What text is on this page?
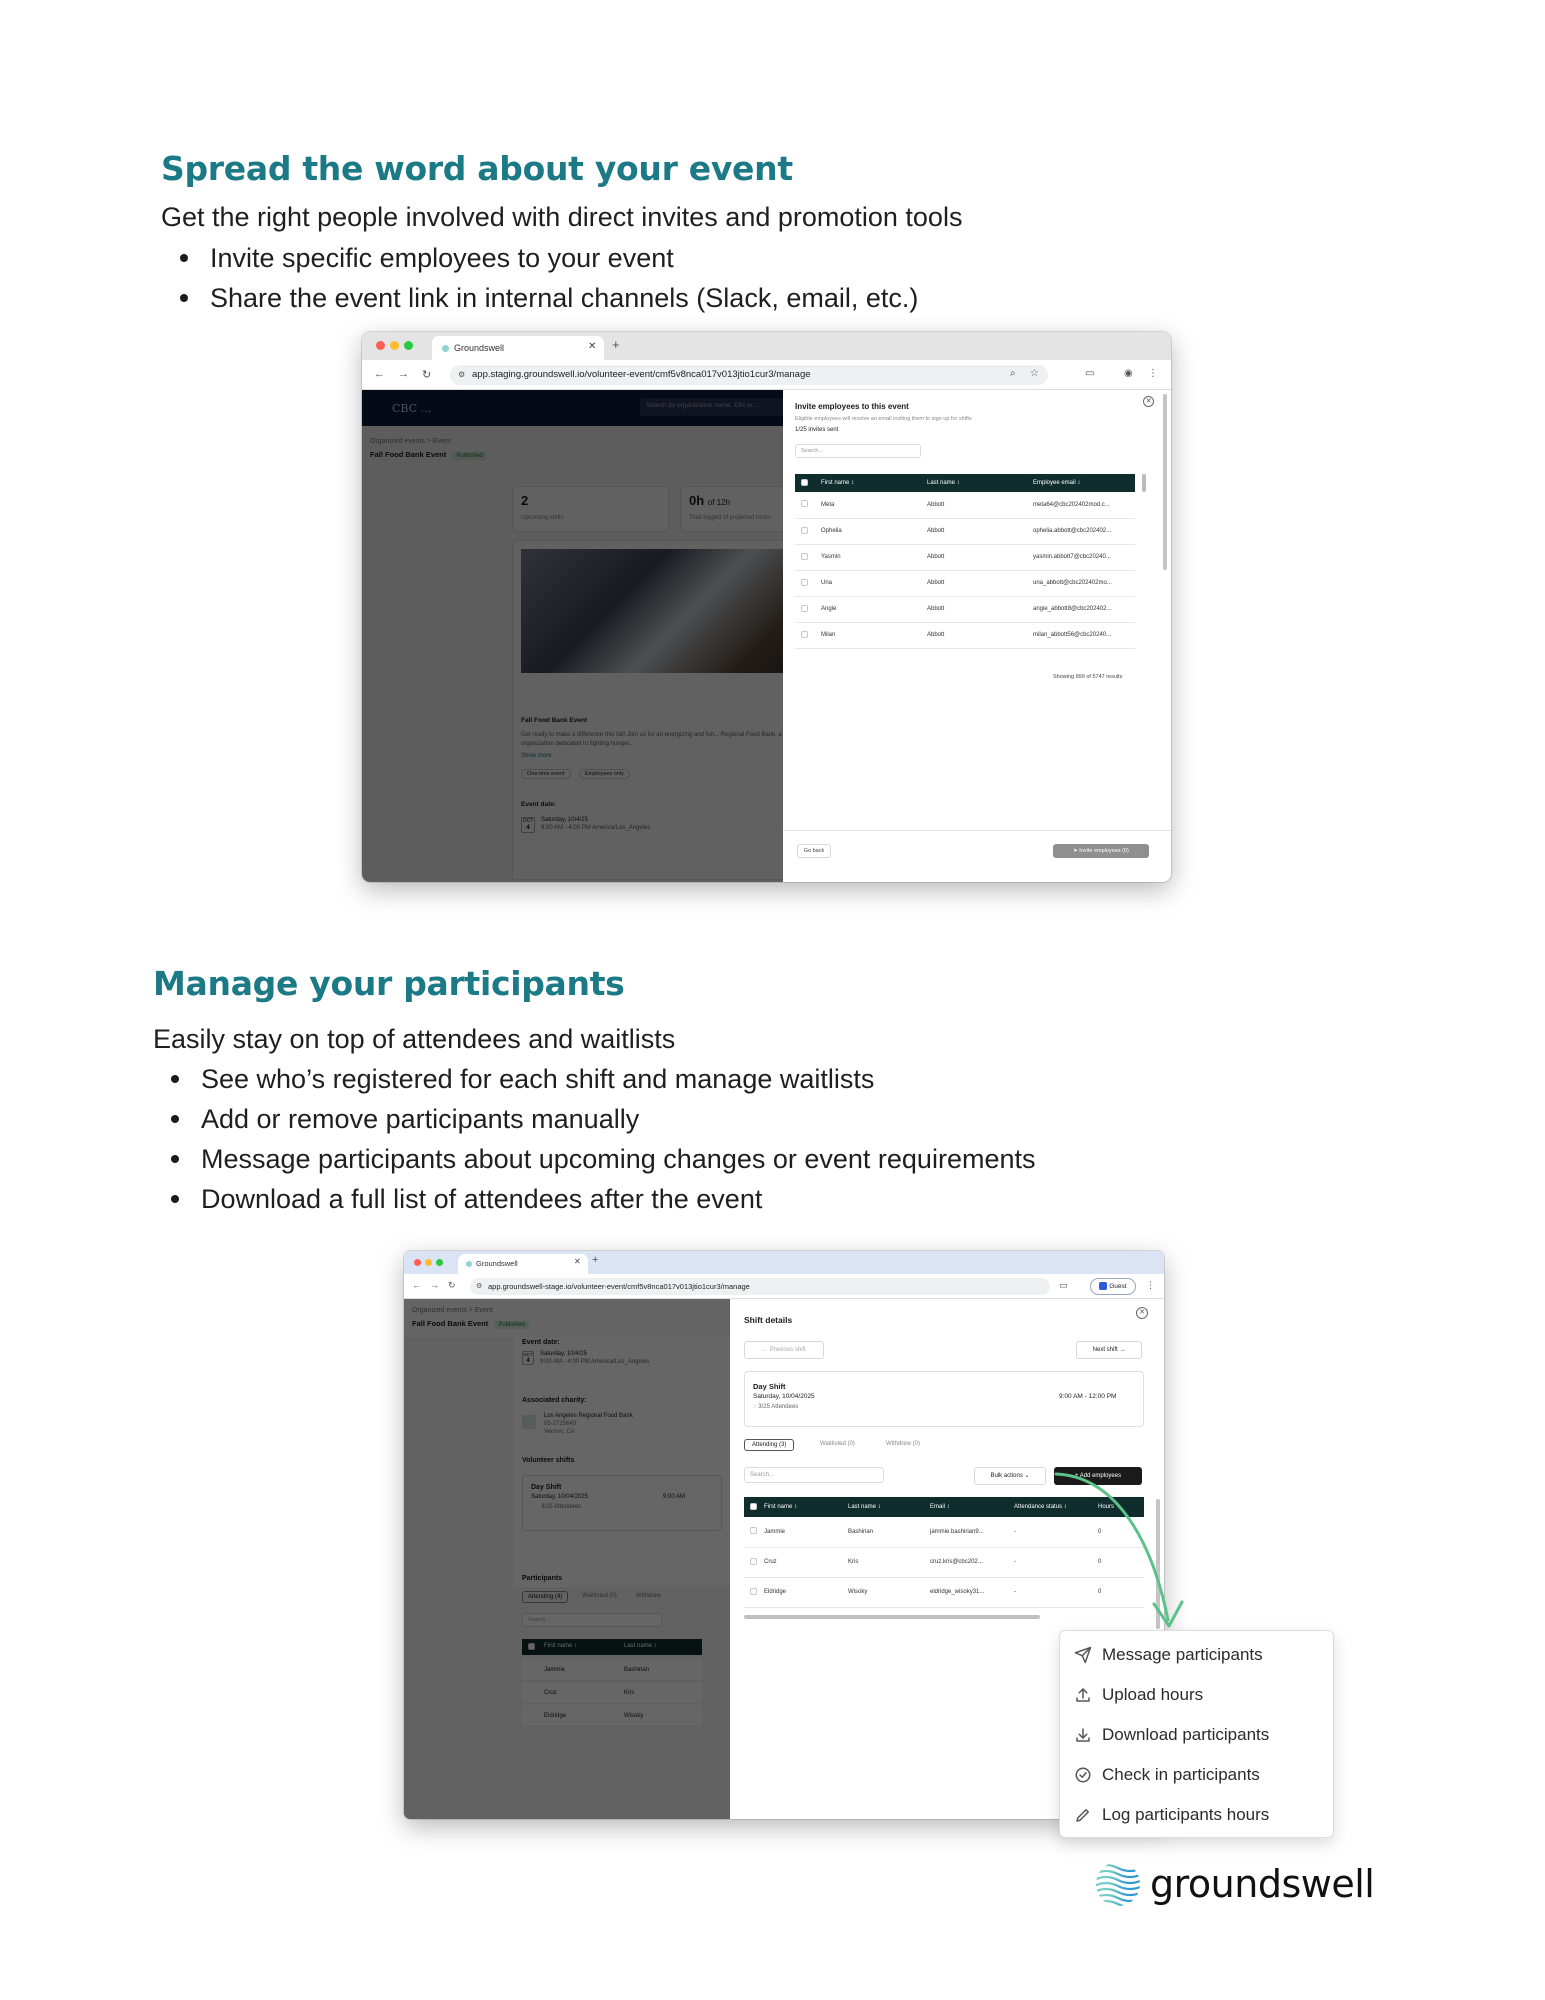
Spread the word about your event

Get the right people involved with direct invites and promotion tools

Invite specific employees to your event
Share the event link in internal channels (Slack, email, etc.)
Groundswell	✕ +
← → ↻	⚙ app.staging.groundswell.io/volunteer-event/cmf5v8nca017v013jtio1cur3/manage	⌕ ☆	▭	◉ ⋮

✕
Invite employees to this event
Eligible employees will receive an email inviting them to sign up for shifts
1/25 invites sent
Search...
	First name ↕	Last name ↕	Employee email ↕
	Meta	Abbott	meta64@cbc202402mod.c...
	Ophelia	Abbott	ophelia.abbott@cbc202402...
	Yasmin	Abbott	yasmin.abbott7@cbc20240...
	Una	Abbott	una_abbott@cbc202402mo...
	Angie	Abbott	angie_abbott8@cbc202402...
	Milan	Abbott	milan_abbott56@cbc20240...
Showing 999 of 5747 results
Go back	➤ Invite employees (0)
Manage your participants

Easily stay on top of attendees and waitlists

See who’s registered for each shift and manage waitlists
Add or remove participants manually
Message participants about upcoming changes or event requirements
Download a full list of attendees after the event
Groundswell	✕ +
← → ↻	⚙ app.groundswell-stage.io/volunteer-event/cmf5v8nca017v013jtio1cur3/manage	▭	Guest	⋮

✕
Shift details
← Previous shift	Next shift →
Day Shift
Saturday, 10/04/2025	9:00 AM - 12:00 PM
◌ 3/25 Attendees
Attending (3)	Waitlisted (0)	Withdrew (0)
Search...	Bulk actions ⌄	+ Add employees
	First name ↕	Last name ↕	Email ↕	Attendance status ↕	Hours
	Jammie	Bashirian	jammie.bashirian9...	-	0
	Cruz	Kris	cruz.kris@cbc202...	-	0
	Eldridge	Wisoky	eldridge_wisoky31...	-	0
Message participants
Upload hours
Download participants
Check in participants
Log participants hours
groundswell
